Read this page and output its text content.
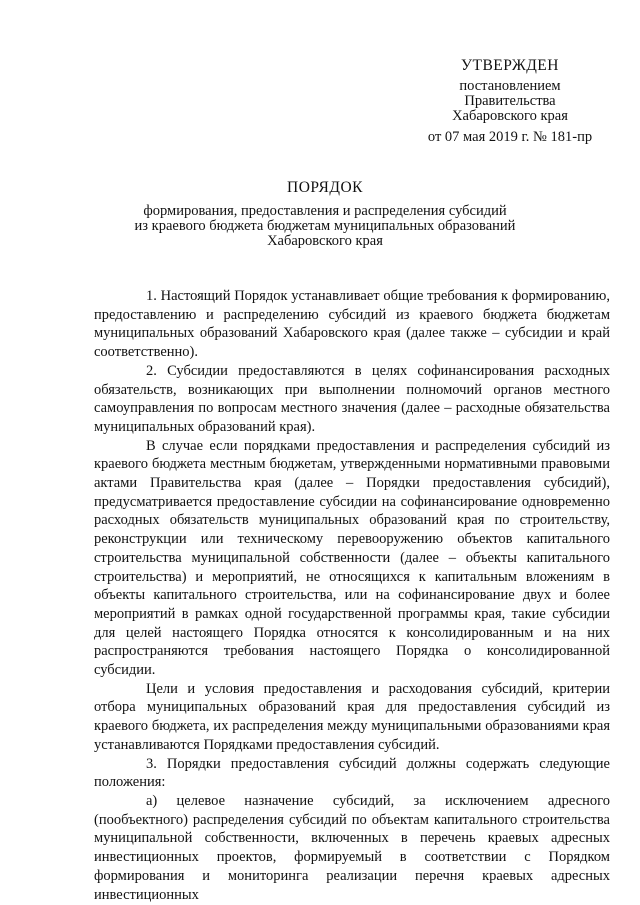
УТВЕРЖДЕН
постановлением
Правительства
Хабаровского края
от 07 мая 2019 г. № 181-пр
ПОРЯДОК
формирования, предоставления и распределения субсидий
из краевого бюджета бюджетам муниципальных образований
Хабаровского края

1. Настоящий Порядок устанавливает общие требования к формированию, предоставлению и распределению субсидий из краевого бюджета бюджетам муниципальных образований Хабаровского края (далее также – субсидии и край соответственно).

2. Субсидии предоставляются в целях софинансирования расходных обязательств, возникающих при выполнении полномочий органов местного самоуправления по вопросам местного значения (далее – расходные обязательства муниципальных образований края).

В случае если порядками предоставления и распределения субсидий из краевого бюджета местным бюджетам, утвержденными нормативными правовыми актами Правительства края (далее – Порядки предоставления субсидий), предусматривается предоставление субсидии на софинансирование одновременно расходных обязательств муниципальных образований края по строительству, реконструкции или техническому перевооружению объектов капитального строительства муниципальной собственности (далее – объекты капитального строительства) и мероприятий, не относящихся к капитальным вложениям в объекты капитального строительства, или на софинансирование двух и более мероприятий в рамках одной государственной программы края, такие субсидии для целей настоящего Порядка относятся к консолидированным и на них распространяются требования настоящего Порядка о консолидированной субсидии.

Цели и условия предоставления и расходования субсидий, критерии отбора муниципальных образований края для предоставления субсидий из краевого бюджета, их распределения между муниципальными образованиями края устанавливаются Порядками предоставления субсидий.

3. Порядки предоставления субсидий должны содержать следующие положения:

а) целевое назначение субсидий, за исключением адресного (пообъектного) распределения субсидий по объектам капитального строительства муниципальной собственности, включенных в перечень краевых адресных инвестиционных проектов, формируемый в соответствии с Порядком формирования и мониторинга реализации перечня краевых адресных инвестиционных
